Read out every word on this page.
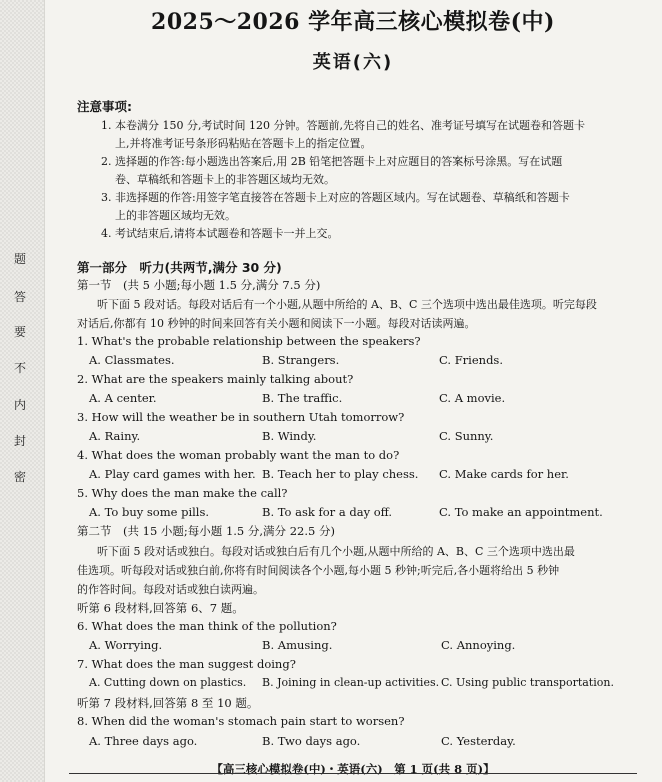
题
答
要
不
内
封
密
2025～2026 学年高三核心模拟卷(中)
英语(六)
注意事项:
1. 本卷满分 150 分,考试时间 120 分钟。答题前,先将自己的姓名、准考证号填写在试题卷和答题卡
上,并将准考证号条形码粘贴在答题卡上的指定位置。
2. 选择题的作答:每小题选出答案后,用 2B 铅笔把答题卡上对应题目的答案标号涂黑。写在试题
卷、草稿纸和答题卡上的非答题区域均无效。
3. 非选择题的作答:用签字笔直接答在答题卡上对应的答题区域内。写在试题卷、草稿纸和答题卡
上的非答题区域均无效。
4. 考试结束后,请将本试题卷和答题卡一并上交。
第一部分　听力(共两节,满分 30 分)
第一节　(共 5 小题;每小题 1.5 分,满分 7.5 分)
听下面 5 段对话。每段对话后有一个小题,从题中所给的 A、B、C 三个选项中选出最佳选项。听完每段
对话后,你都有 10 秒钟的时间来回答有关小题和阅读下一小题。每段对话读两遍。
1. What's the probable relationship between the speakers?
A. Classmates.	B. Strangers.	C. Friends.
2. What are the speakers mainly talking about?
A. A center.	B. The traffic.	C. A movie.
3. How will the weather be in southern Utah tomorrow?
A. Rainy.	B. Windy.	C. Sunny.
4. What does the woman probably want the man to do?
A. Play card games with her. B. Teach her to play chess. C. Make cards for her.
5. Why does the man make the call?
A. To buy some pills.	B. To ask for a day off.	C. To make an appointment.
第二节　(共 15 小题;每小题 1.5 分,满分 22.5 分)
听下面 5 段对话或独白。每段对话或独白后有几个小题,从题中所给的 A、B、C 三个选项中选出最
佳选项。听每段对话或独白前,你将有时间阅读各个小题,每小题 5 秒钟;听完后,各小题将给出 5 秒钟
的作答时间。每段对话或独白读两遍。
听第 6 段材料,回答第 6、7 题。
6. What does the man think of the pollution?
A. Worrying.	B. Amusing.	C. Annoying.
7. What does the man suggest doing?
A. Cutting down on plastics. B. Joining in clean-up activities. C. Using public transportation.
听第 7 段材料,回答第 8 至 10 题。
8. When did the woman's stomach pain start to worsen?
A. Three days ago.	B. Two days ago.	C. Yesterday.
【高三核心模拟卷(中)・英语(六)　第 1 页(共 8 页)】
